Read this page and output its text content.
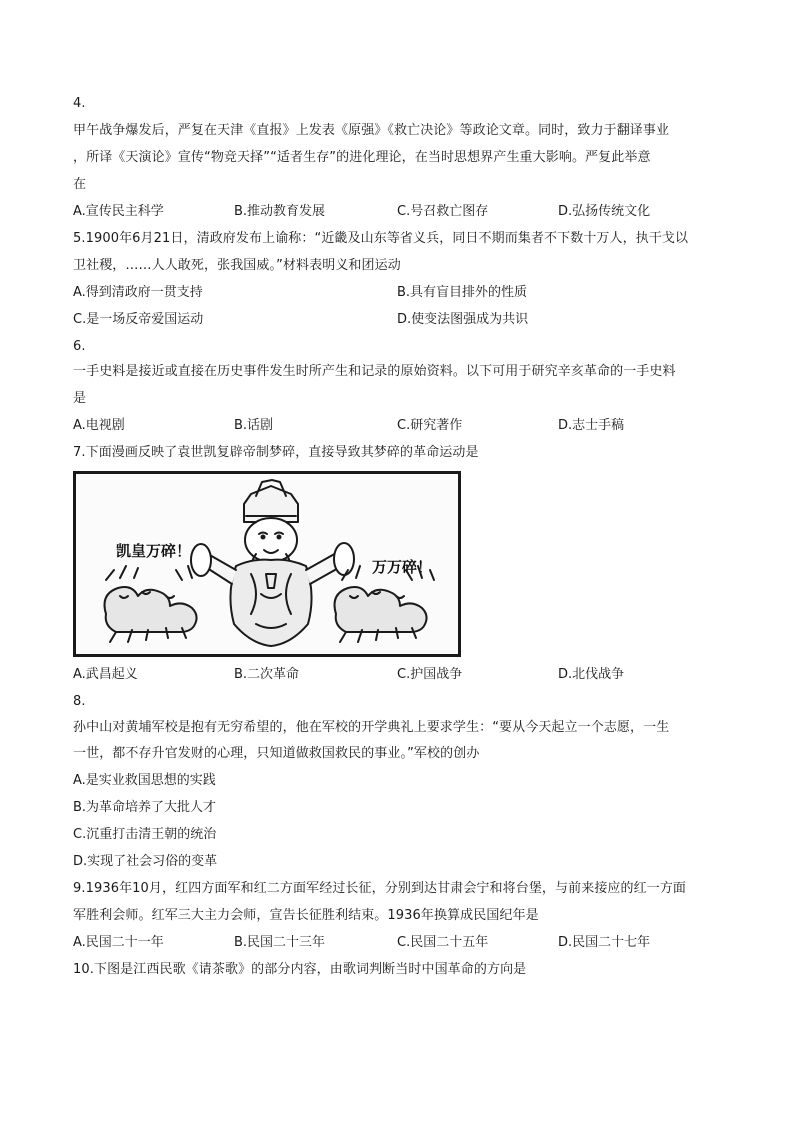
4.
甲午战争爆发后，严复在天津《直报》上发表《原强》《救亡决论》等政论文章。同时，致力于翻译事业
，所译《天演论》宣传“物竞天择”“适者生存”的进化理论，在当时思想界产生重大影响。严复此举意
在
A.宣传民主科学	B.推动教育发展	C.号召救亡图存	D.弘扬传统文化
5.1900年6月21日，清政府发布上谕称：“近畿及山东等省义兵，同日不期而集者不下数十万人，执干戈以
卫社稷，……人人敢死，张我国威。”材料表明义和团运动
A.得到清政府一贯支持	B.具有盲目排外的性质
C.是一场反帝爱国运动	D.使变法图强成为共识
6.
一手史料是接近或直接在历史事件发生时所产生和记录的原始资料。以下可用于研究辛亥革命的一手史料
是
A.电视剧	B.话剧	C.研究著作	D.志士手稿
7.下面漫画反映了袁世凯复辟帝制梦碎，直接导致其梦碎的革命运动是
凯皇万碎！
万万碎！
A.武昌起义	B.二次革命	C.护国战争	D.北伐战争
8.
孙中山对黄埔军校是抱有无穷希望的，他在军校的开学典礼上要求学生：“要从今天起立一个志愿，一生
一世，都不存升官发财的心理，只知道做救国救民的事业。”军校的创办
A.是实业救国思想的实践
B.为革命培养了大批人才
C.沉重打击清王朝的统治
D.实现了社会习俗的变革
9.1936年10月，红四方面军和红二方面军经过长征，分别到达甘肃会宁和将台堡，与前来接应的红一方面
军胜利会师。红军三大主力会师，宣告长征胜利结束。1936年换算成民国纪年是
A.民国二十一年	B.民国二十三年	C.民国二十五年	D.民国二十七年
10.下图是江西民歌《请茶歌》的部分内容，由歌词判断当时中国革命的方向是
